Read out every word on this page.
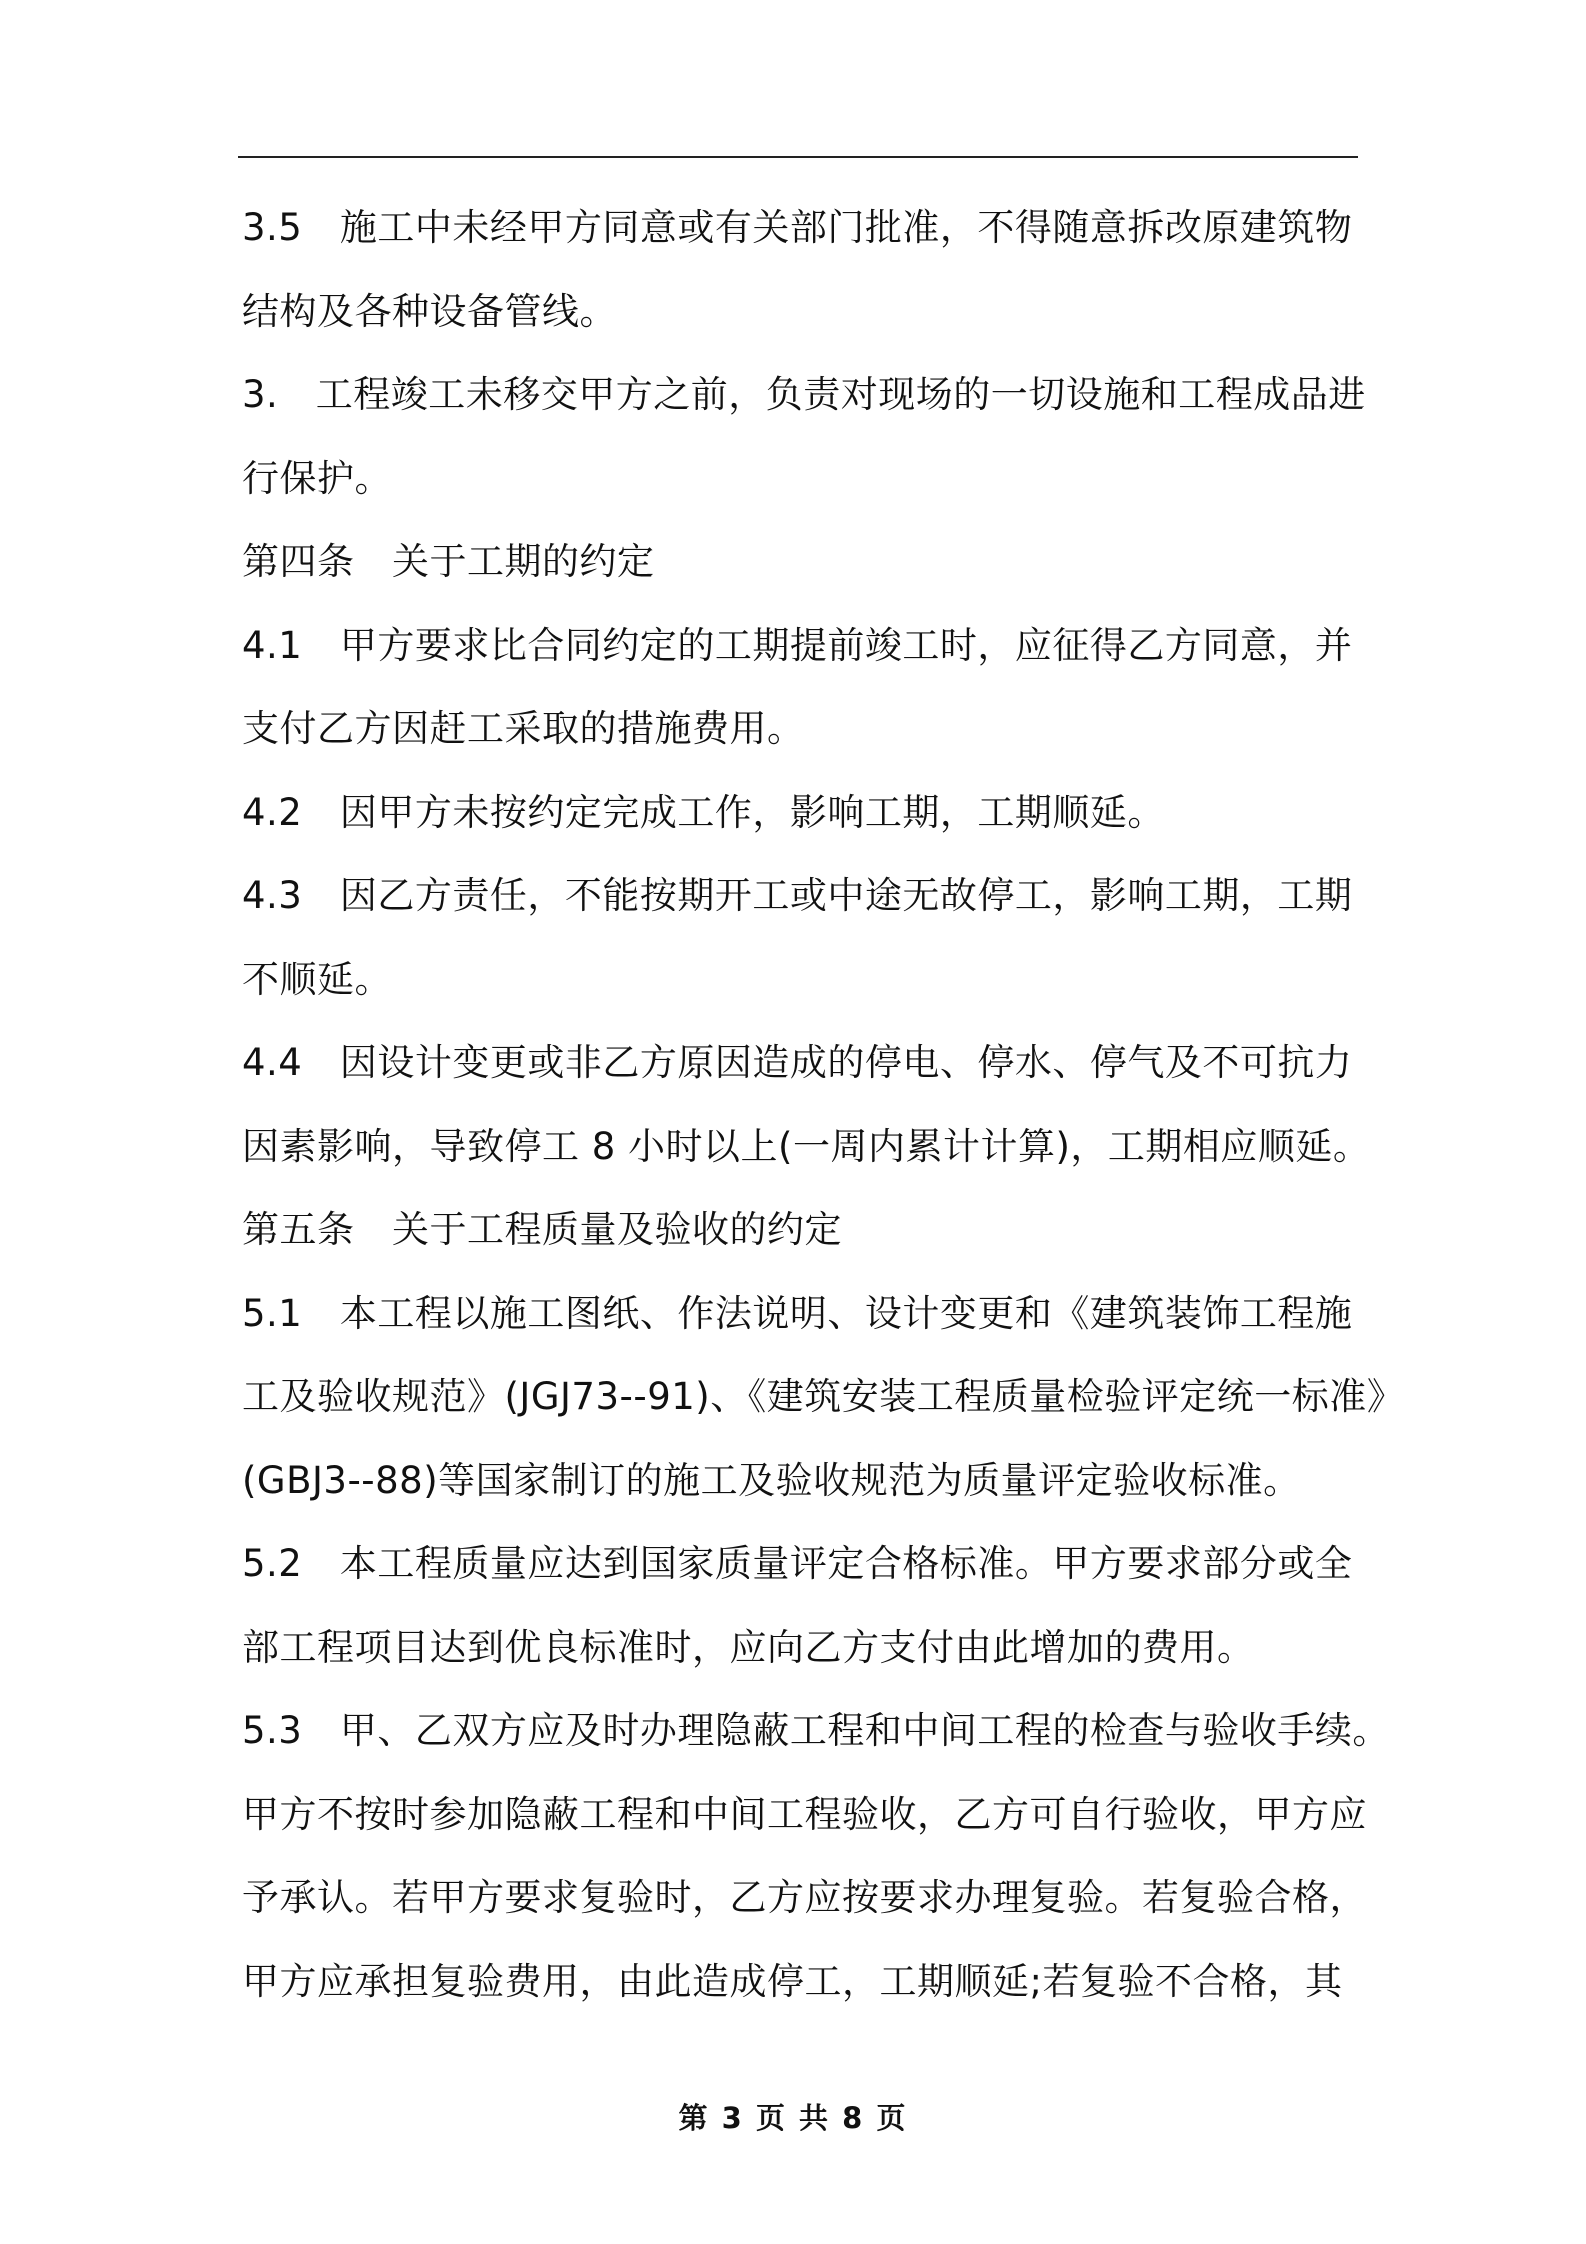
3.5　施工中未经甲方同意或有关部门批准，不得随意拆改原建筑物
结构及各种设备管线。
3.　工程竣工未移交甲方之前，负责对现场的一切设施和工程成品进
行保护。
第四条　关于工期的约定
4.1　甲方要求比合同约定的工期提前竣工时，应征得乙方同意，并
支付乙方因赶工采取的措施费用。
4.2　因甲方未按约定完成工作，影响工期，工期顺延。
4.3　因乙方责任，不能按期开工或中途无故停工，影响工期，工期
不顺延。
4.4　因设计变更或非乙方原因造成的停电、停水、停气及不可抗力
因素影响，导致停工 8 小时以上(一周内累计计算)，工期相应顺延。
第五条　关于工程质量及验收的约定
5.1　本工程以施工图纸、作法说明、设计变更和《建筑装饰工程施
工及验收规范》(JGJ73--91)、《建筑安装工程质量检验评定统一标准》
(GBJ3--88)等国家制订的施工及验收规范为质量评定验收标准。
5.2　本工程质量应达到国家质量评定合格标准。甲方要求部分或全
部工程项目达到优良标准时，应向乙方支付由此增加的费用。
5.3　甲、乙双方应及时办理隐蔽工程和中间工程的检查与验收手续。
甲方不按时参加隐蔽工程和中间工程验收，乙方可自行验收，甲方应
予承认。若甲方要求复验时，乙方应按要求办理复验。若复验合格，
甲方应承担复验费用，由此造成停工，工期顺延;若复验不合格，其
第 3 页 共 8 页
